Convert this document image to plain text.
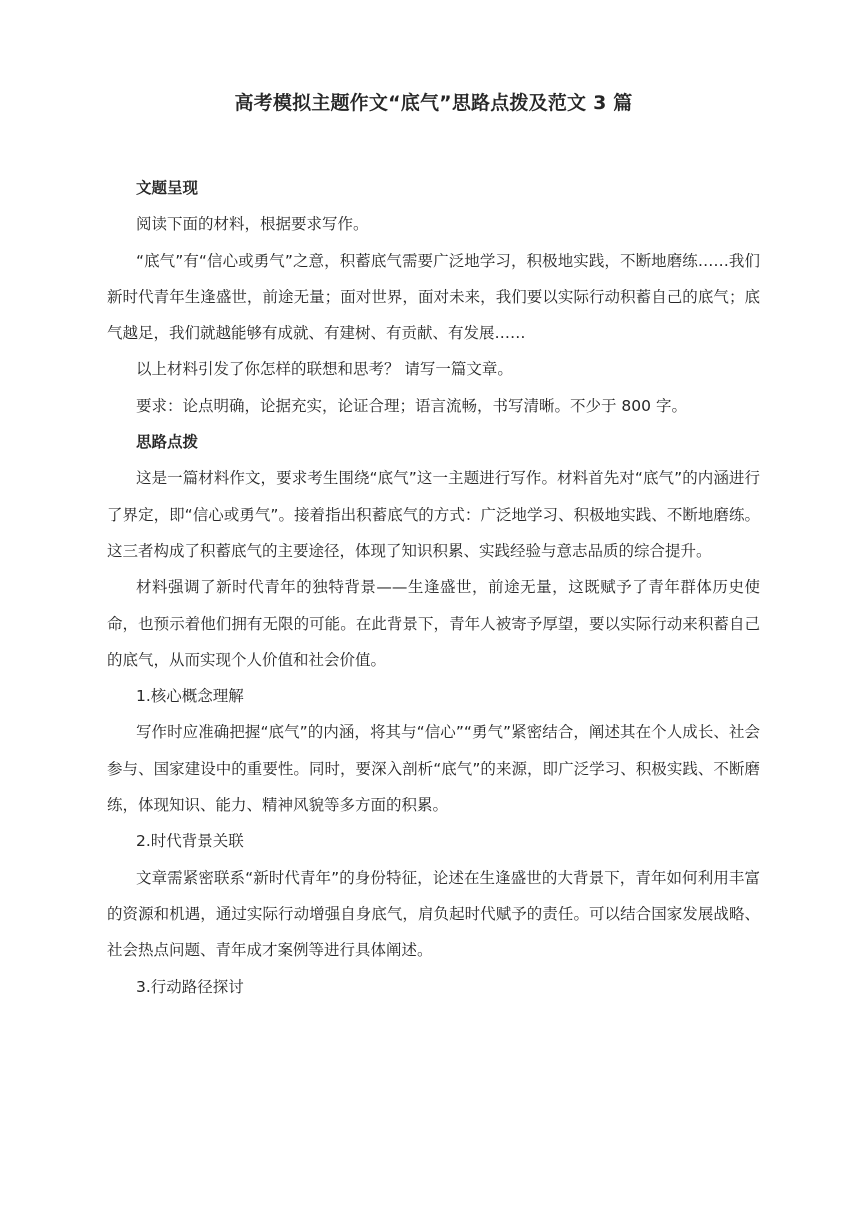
高考模拟主题作文“底气”思路点拨及范文 3 篇

文题呈现

阅读下面的材料，根据要求写作。

“底气”有“信心或勇气”之意，积蓄底气需要广泛地学习，积极地实践，不断地磨练……我们新时代青年生逢盛世，前途无量；面对世界，面对未来，我们要以实际行动积蓄自己的底气；底气越足，我们就越能够有成就、有建树、有贡献、有发展……

以上材料引发了你怎样的联想和思考？ 请写一篇文章。

要求：论点明确，论据充实，论证合理；语言流畅，书写清晰。不少于 800 字。

思路点拨

这是一篇材料作文，要求考生围绕“底气”这一主题进行写作。材料首先对“底气”的内涵进行了界定，即“信心或勇气”。接着指出积蓄底气的方式：广泛地学习、积极地实践、不断地磨练。这三者构成了积蓄底气的主要途径，体现了知识积累、实践经验与意志品质的综合提升。

材料强调了新时代青年的独特背景——生逢盛世，前途无量，这既赋予了青年群体历史使命，也预示着他们拥有无限的可能。在此背景下，青年人被寄予厚望，要以实际行动来积蓄自己的底气，从而实现个人价值和社会价值。

1.核心概念理解

写作时应准确把握“底气”的内涵，将其与“信心”“勇气”紧密结合，阐述其在个人成长、社会参与、国家建设中的重要性。同时，要深入剖析“底气”的来源，即广泛学习、积极实践、不断磨练，体现知识、能力、精神风貌等多方面的积累。

2.时代背景关联

文章需紧密联系“新时代青年”的身份特征，论述在生逢盛世的大背景下，青年如何利用丰富的资源和机遇，通过实际行动增强自身底气，肩负起时代赋予的责任。可以结合国家发展战略、社会热点问题、青年成才案例等进行具体阐述。

3.行动路径探讨
